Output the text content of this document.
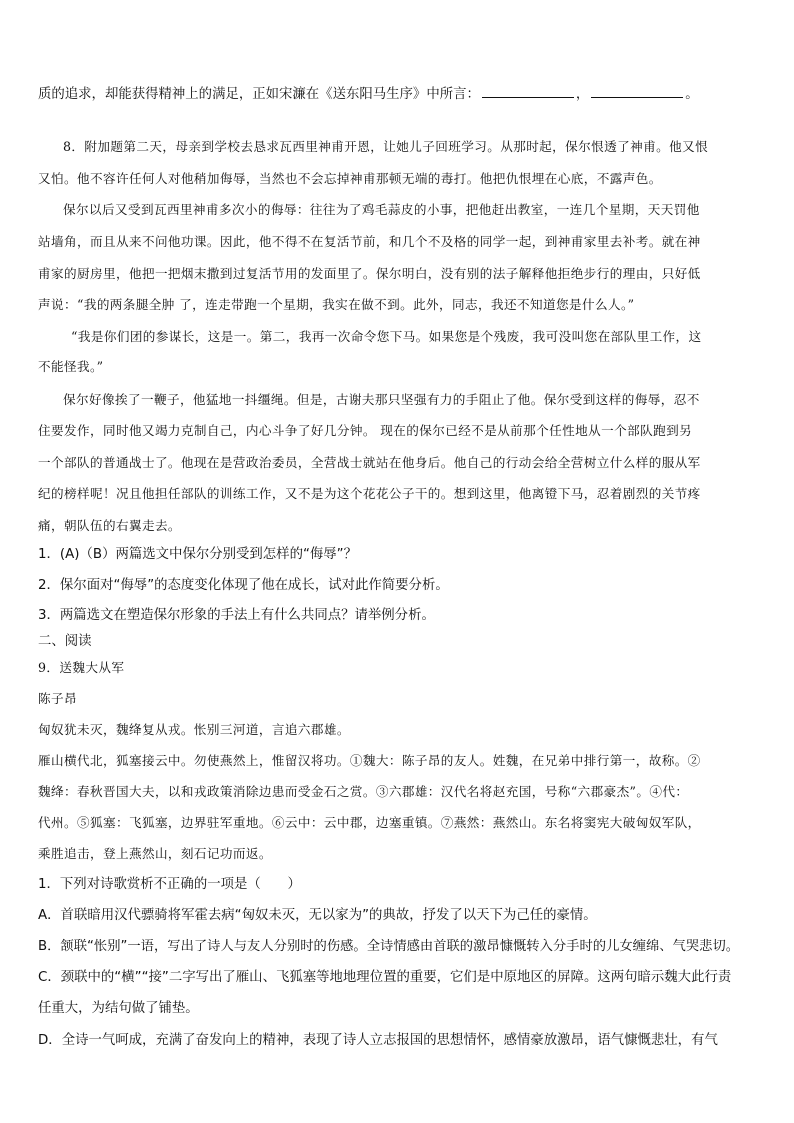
质的追求，却能获得精神上的满足，正如宋濂在《送东阳马生序》中所言：	，	。
8．附加题第二天，母亲到学校去恳求瓦西里神甫开恩，让她儿子回班学习。从那时起，保尔恨透了神甫。他又恨
又怕。他不容许任何人对他稍加侮辱，当然也不会忘掉神甫那顿无端的毒打。他把仇恨埋在心底，不露声色。
保尔以后又受到瓦西里神甫多次小的侮辱：往往为了鸡毛蒜皮的小事，把他赶出教室，一连几个星期，天天罚他
站墙角，而且从来不问他功课。因此，他不得不在复活节前，和几个不及格的同学一起，到神甫家里去补考。就在神
甫家的厨房里，他把一把烟末撒到过复活节用的发面里了。保尔明白，没有别的法子解释他拒绝步行的理由，只好低
声说：“我的两条腿全肿 了，连走带跑一个星期，我实在做不到。此外，同志，我还不知道您是什么人。”
“我是你们团的参谋长，这是一。第二，我再一次命令您下马。如果您是个残废，我可没叫您在部队里工作，这
不能怪我。”
保尔好像挨了一鞭子，他猛地一抖缰绳。但是，古谢夫那只坚强有力的手阻止了他。保尔受到这样的侮辱，忍不
住要发作，同时他又竭力克制自己，内心斗争了好几分钟。 现在的保尔已经不是从前那个任性地从一个部队跑到另
一个部队的普通战士了。他现在是营政治委员，全营战士就站在他身后。他自己的行动会给全营树立什么样的服从军
纪的榜样呢！况且他担任部队的训练工作，又不是为这个花花公子干的。想到这里，他离镫下马，忍着剧烈的关节疼
痛，朝队伍的右翼走去。
1．(A)（B）两篇选文中保尔分别受到怎样的“侮辱”？
2．保尔面对“侮辱”的态度变化体现了他在成长，试对此作简要分析。
3．两篇选文在塑造保尔形象的手法上有什么共同点？请举例分析。
二、阅读
9．送魏大从军
陈子昂
匈奴犹未灭，魏绛复从戎。怅别三河道，言追六郡雄。
雁山横代北，狐塞接云中。勿使燕然上，惟留汉将功。①魏大：陈子昂的友人。姓魏，在兄弟中排行第一，故称。②
魏绛：春秋晋国大夫，以和戎政策消除边患而受金石之赏。③六郡雄：汉代名将赵充国，号称“六郡豪杰”。④代：
代州。⑤狐塞：飞狐塞，边界驻军重地。⑥云中：云中郡，边塞重镇。⑦燕然：燕然山。东名将窦宪大破匈奴军队，
乘胜追击，登上燕然山，刻石记功而返。
1．下列对诗歌赏析不正确的一项是（　　）
A．首联暗用汉代骠骑将军霍去病“匈奴未灭，无以家为”的典故，抒发了以天下为己任的豪情。
B．颔联“怅别”一语，写出了诗人与友人分别时的伤感。全诗情感由首联的激昂慷慨转入分手时的儿女缠绵、气哭悲切。
C．颈联中的“横”“接”二字写出了雁山、飞狐塞等地地理位置的重要，它们是中原地区的屏障。这两句暗示魏大此行责
任重大，为结句做了铺垫。
D．全诗一气呵成，充满了奋发向上的精神，表现了诗人立志报国的思想情怀，感情豪放激昂，语气慷慨悲壮，有气
